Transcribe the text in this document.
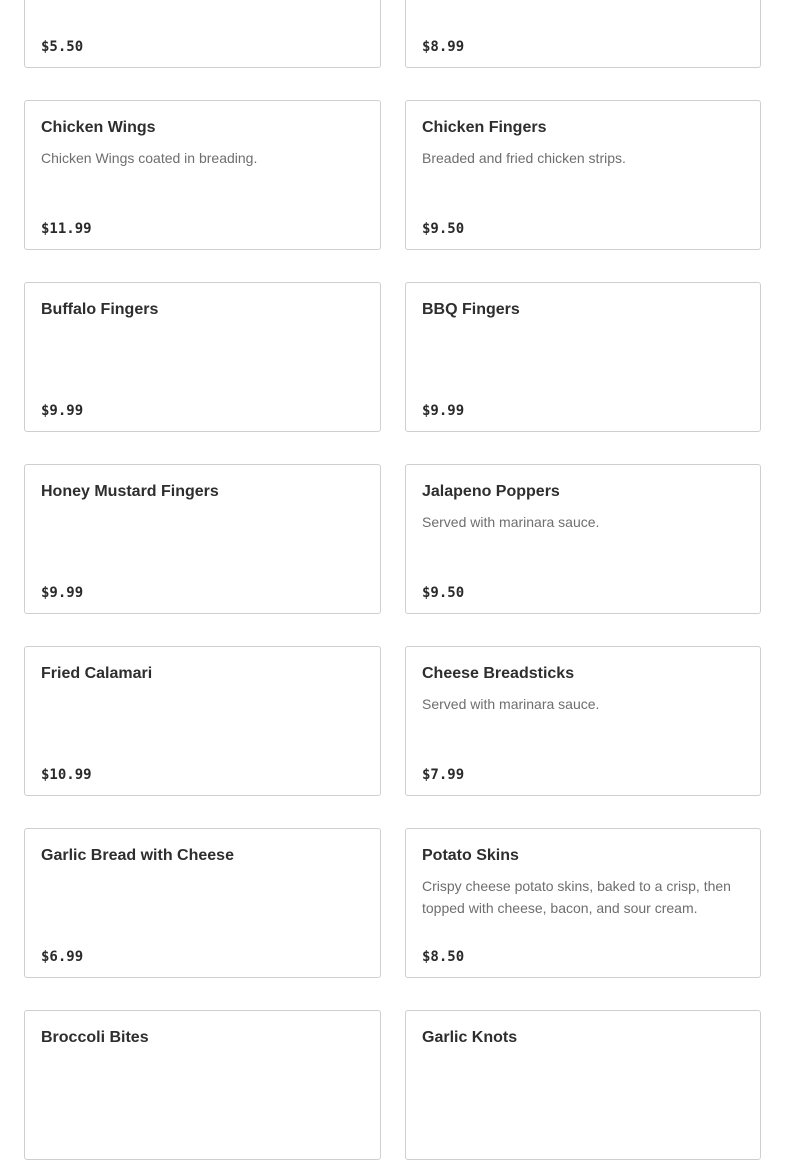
$5.50	$8.99
Chicken Wings
Chicken Wings coated in breading.
$11.99
Chicken Fingers
Breaded and fried chicken strips.
$9.50
Buffalo Fingers
$9.99
BBQ Fingers
$9.99
Honey Mustard Fingers
$9.99
Jalapeno Poppers
Served with marinara sauce.
$9.50
Fried Calamari
$10.99
Cheese Breadsticks
Served with marinara sauce.
$7.99
Garlic Bread with Cheese
$6.99
Potato Skins
Crispy cheese potato skins, baked to a crisp, then topped with cheese, bacon, and sour cream.
$8.50
Broccoli Bites	Garlic Knots
